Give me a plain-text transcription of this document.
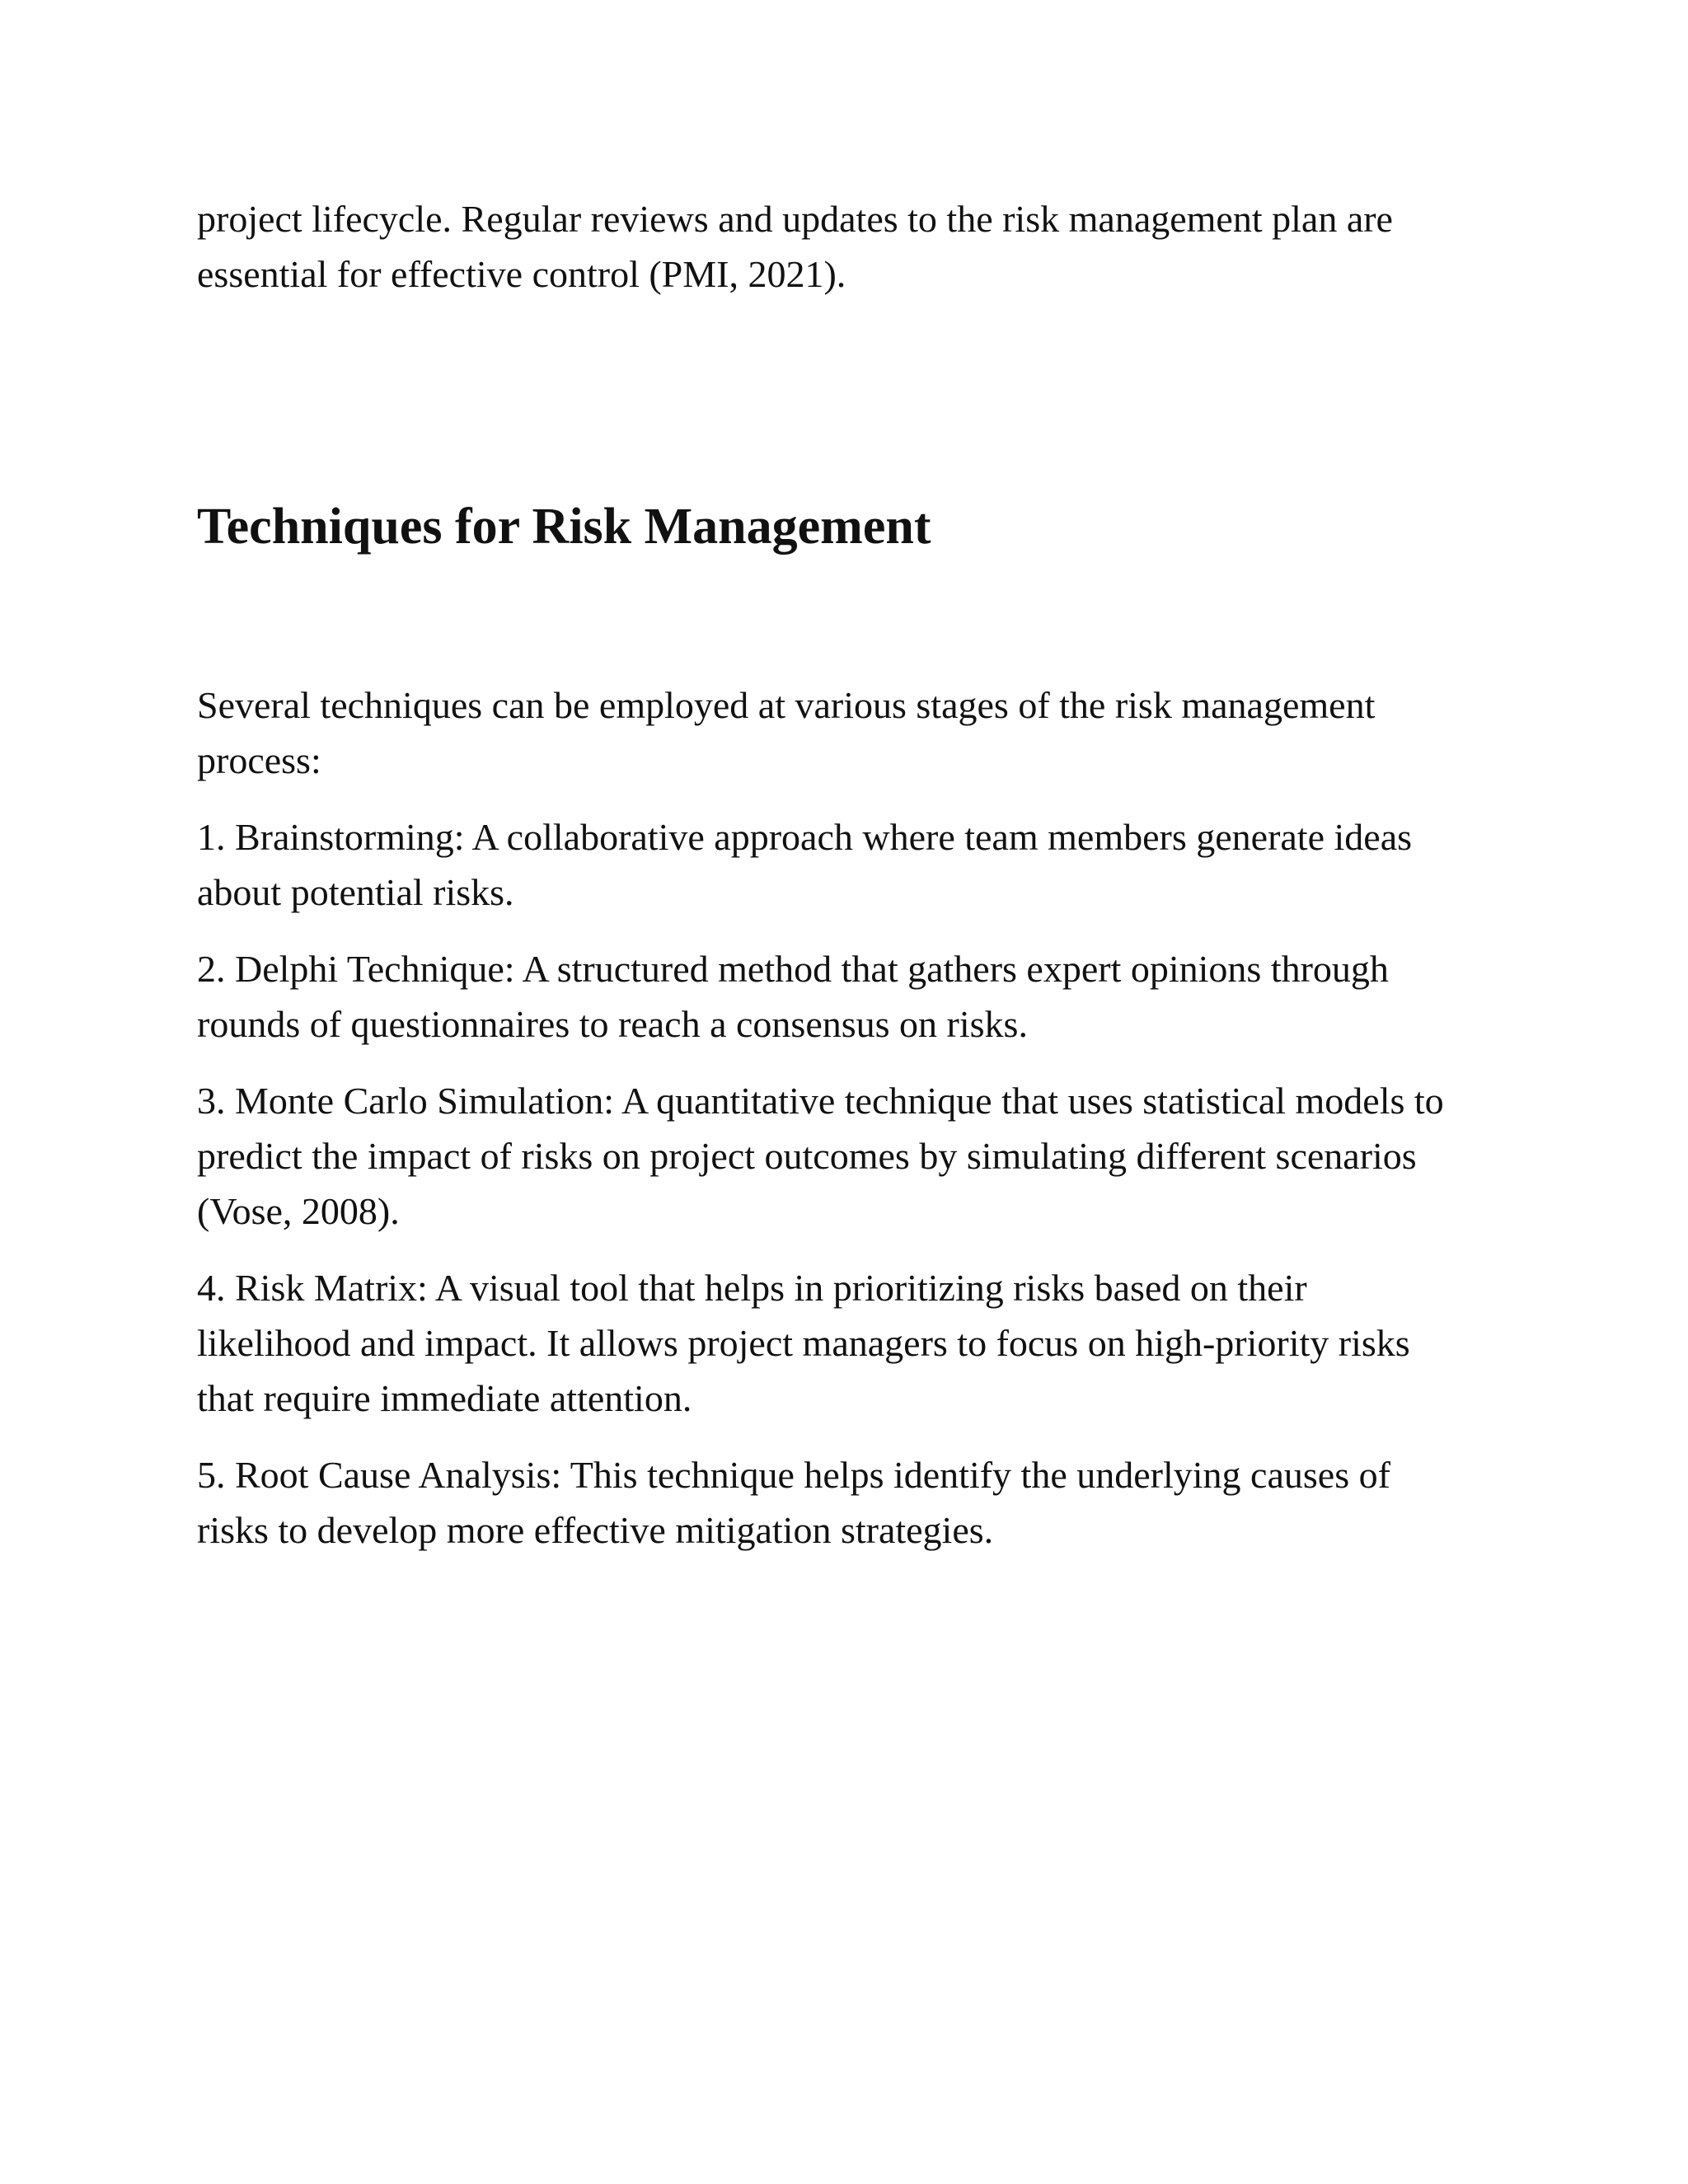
project lifecycle. Regular reviews and updates to the risk management plan are
essential for effective control (PMI, 2021).

Techniques for Risk Management

Several techniques can be employed at various stages of the risk management
process:

1. Brainstorming: A collaborative approach where team members generate ideas
about potential risks.

2. Delphi Technique: A structured method that gathers expert opinions through
rounds of questionnaires to reach a consensus on risks.

3. Monte Carlo Simulation: A quantitative technique that uses statistical models to
predict the impact of risks on project outcomes by simulating different scenarios
(Vose, 2008).

4. Risk Matrix: A visual tool that helps in prioritizing risks based on their
likelihood and impact. It allows project managers to focus on high-priority risks
that require immediate attention.

5. Root Cause Analysis: This technique helps identify the underlying causes of
risks to develop more effective mitigation strategies.
